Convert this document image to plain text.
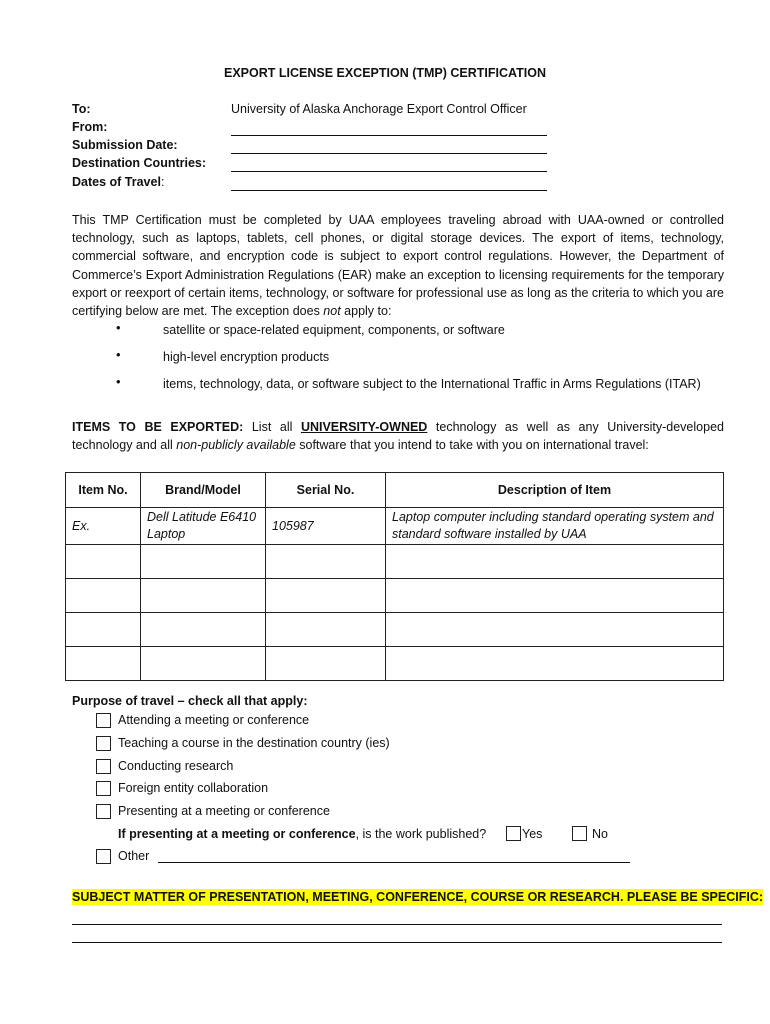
EXPORT LICENSE EXCEPTION (TMP) CERTIFICATION
To:	University of Alaska Anchorage Export Control Officer
From:
Submission Date:
Destination Countries:
Dates of Travel:
This TMP Certification must be completed by UAA employees traveling abroad with UAA-owned or controlled technology, such as laptops, tablets, cell phones, or digital storage devices. The export of items, technology, commercial software, and encryption code is subject to export control regulations. However, the Department of Commerce’s Export Administration Regulations (EAR) make an exception to licensing requirements for the temporary export or reexport of certain items, technology, or software for professional use as long as the criteria to which you are certifying below are met. The exception does not apply to:
•	satellite or space-related equipment, components, or software
•	high-level encryption products
•	items, technology, data, or software subject to the International Traffic in Arms Regulations (ITAR)
ITEMS TO BE EXPORTED: List all UNIVERSITY-OWNED technology as well as any University-developed technology and all non-publicly available software that you intend to take with you on international travel:
Item No.	Brand/Model	Serial No.	Description of Item
Ex.	Dell Latitude E6410 Laptop	105987	Laptop computer including standard operating system and standard software installed by UAA

Purpose of travel – check all that apply:
Attending a meeting or conference
Teaching a course in the destination country (ies)
Conducting research
Foreign entity collaboration
Presenting at a meeting or conference
If presenting at a meeting or conference, is the work published?	Yes	No
Other
SUBJECT MATTER OF PRESENTATION, MEETING, CONFERENCE, COURSE OR RESEARCH. PLEASE BE SPECIFIC:
